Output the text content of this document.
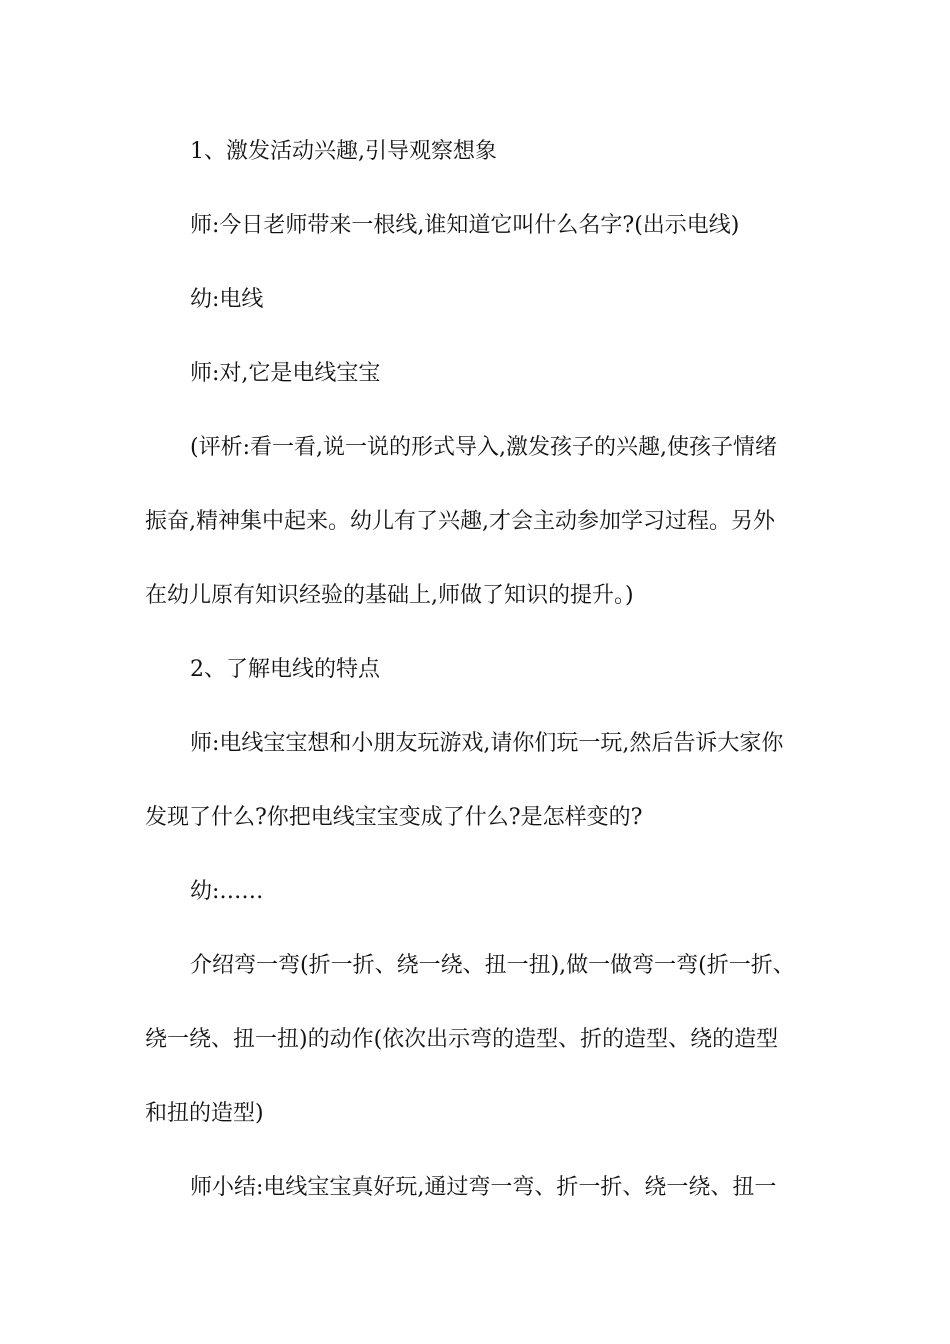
1、激发活动兴趣,引导观察想象
师:今日老师带来一根线,谁知道它叫什么名字?(出示电线)
幼:电线
师:对,它是电线宝宝
(评析:看一看,说一说的形式导入,激发孩子的兴趣,使孩子情绪
振奋,精神集中起来。幼儿有了兴趣,才会主动参加学习过程。另外
在幼儿原有知识经验的基础上,师做了知识的提升。)
2、了解电线的特点
师:电线宝宝想和小朋友玩游戏,请你们玩一玩,然后告诉大家你
发现了什么?你把电线宝宝变成了什么?是怎样变的?
幼:……
介绍弯一弯(折一折、绕一绕、扭一扭),做一做弯一弯(折一折、
绕一绕、扭一扭)的动作(依次出示弯的造型、折的造型、绕的造型
和扭的造型)
师小结:电线宝宝真好玩,通过弯一弯、折一折、绕一绕、扭一
